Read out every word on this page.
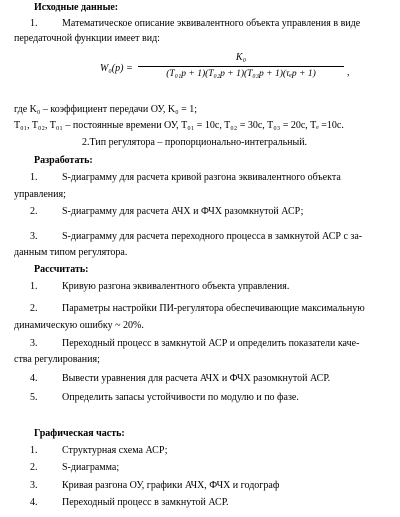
Исходные данные:
1. Математическое описание эквивалентного объекта управления в виде
передаточной функции имеет вид:
W₀(p) =
K₀
(T₀₁p + 1)(T₀₂p + 1)(T₀₃p + 1)(τₑp + 1)	,
где K₀ – коэффициент передачи ОУ, K₀ = 1;
T₀₁, T₀₂, T₀₁ – постоянные времени ОУ, T₀₁ = 10c, T₀₂ = 30c, T₀₃ = 20c, Tₑ =10c.
2.Тип регулятора – пропорционально-интегральный.
Разработать:
1. S-диаграмму для расчета кривой разгона эквивалентного объекта
управления;
2. S-диаграмму для расчета АЧХ и ФЧХ разомкнутой АСР;
3. S-диаграмму для расчета переходного процесса в замкнутой АСР с за-
данным типом регулятора.
Рассчитать:
1. Кривую разгона эквивалентного объекта управления.
2. Параметры настройки ПИ-регулятора обеспечивающие максимальную
динамическую ошибку ~ 20%.
3. Переходный процесс в замкнутой АСР и определить показатели каче-
ства регулирования;
4. Вывести уравнения для расчета АЧХ и ФЧХ разомкнутой АСР.
5. Определить запасы устойчивости по модулю и по фазе.
Графическая часть:
1. Структурная схема АСР;
2. S-диаграмма;
3. Кривая разгона ОУ, графики АЧХ, ФЧХ и годограф
4. Переходный процесс в замкнутой АСР.
